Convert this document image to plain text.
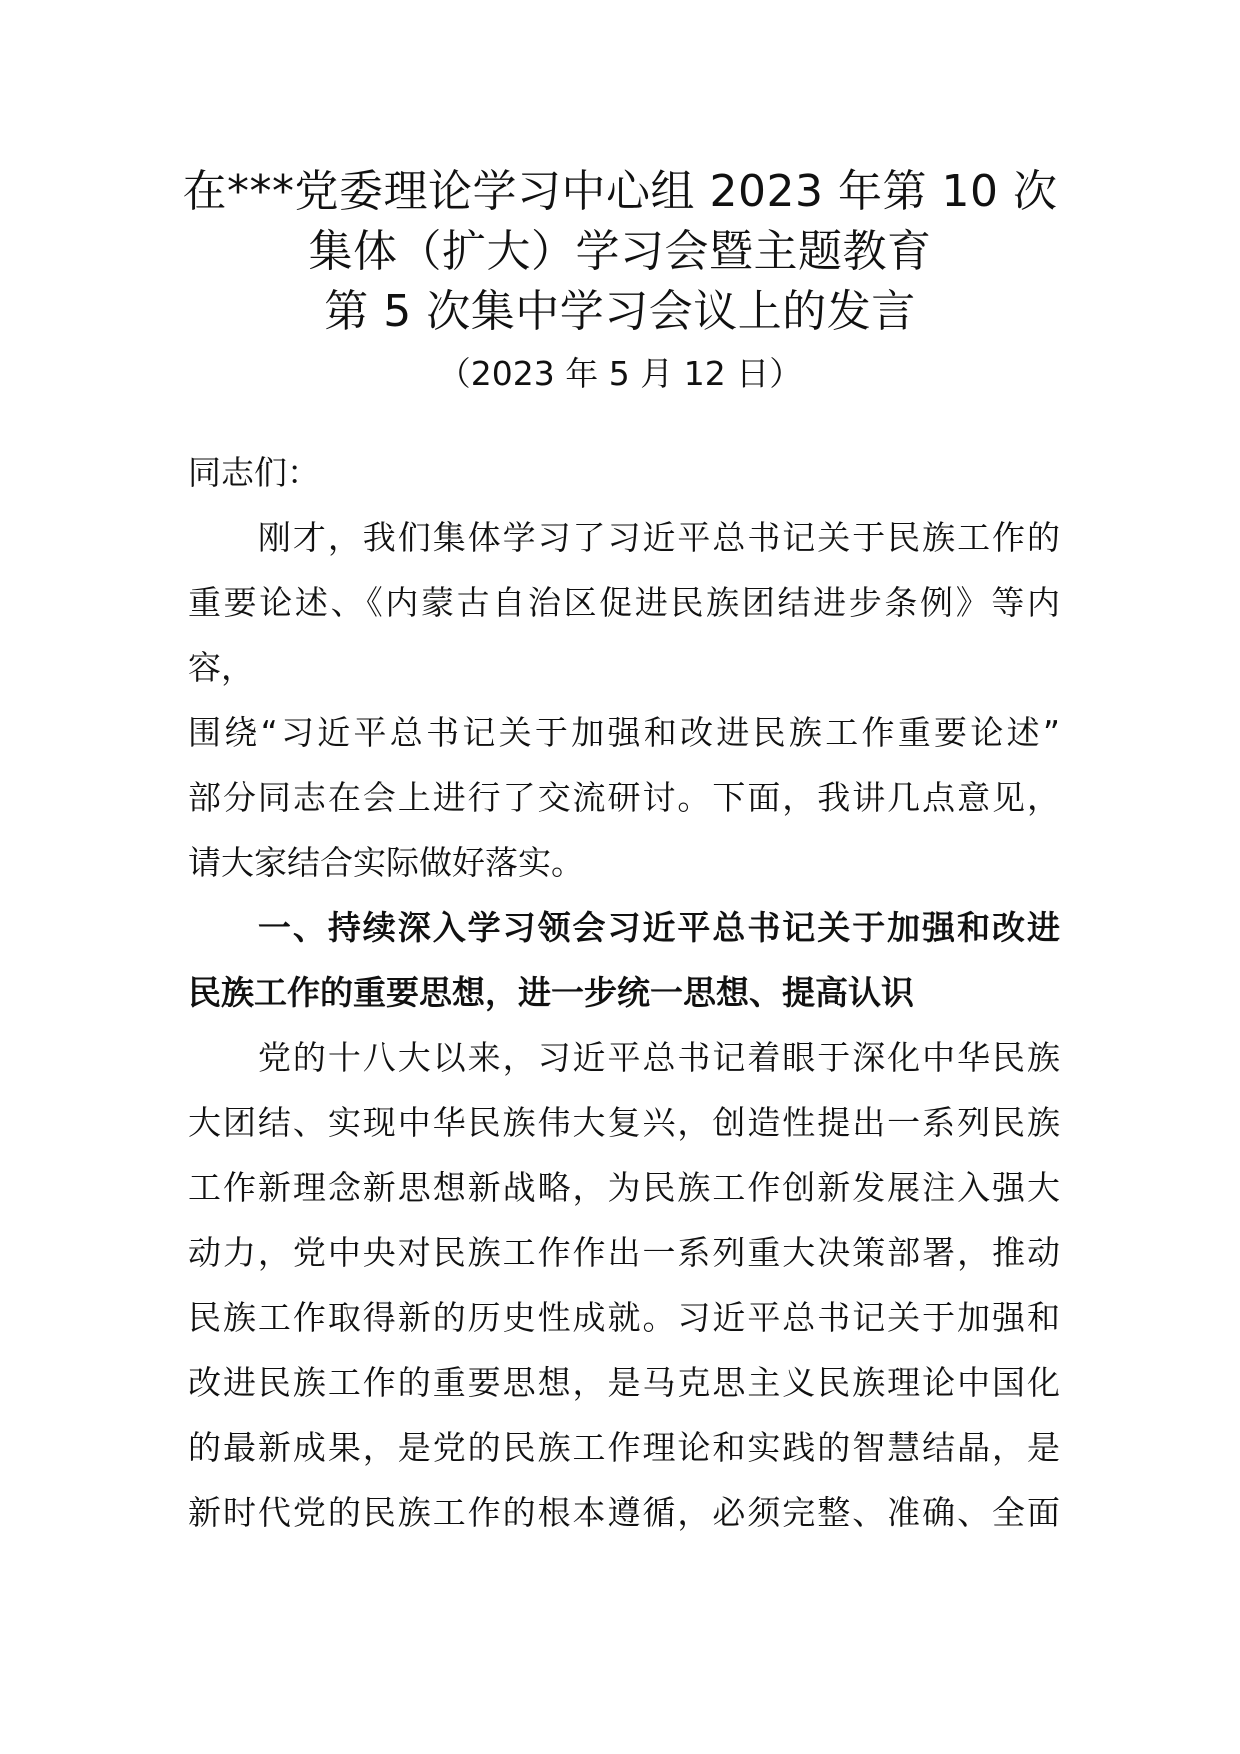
在***党委理论学习中心组 2023 年第 10 次
集体（扩大）学习会暨主题教育
第 5 次集中学习会议上的发言
（2023 年 5 月 12 日）
同志们：
　　刚才，我们集体学习了习近平总书记关于民族工作的
重要论述、《内蒙古自治区促进民族团结进步条例》等内
容，
围绕“习近平总书记关于加强和改进民族工作重要论述”
部分同志在会上进行了交流研讨。下面，我讲几点意见，
请大家结合实际做好落实。
　　一、持续深入学习领会习近平总书记关于加强和改进
民族工作的重要思想，进一步统一思想、提高认识
　　党的十八大以来，习近平总书记着眼于深化中华民族
大团结、实现中华民族伟大复兴，创造性提出一系列民族
工作新理念新思想新战略，为民族工作创新发展注入强大
动力，党中央对民族工作作出一系列重大决策部署，推动
民族工作取得新的历史性成就。习近平总书记关于加强和
改进民族工作的重要思想，是马克思主义民族理论中国化
的最新成果，是党的民族工作理论和实践的智慧结晶，是
新时代党的民族工作的根本遵循，必须完整、准确、全面
